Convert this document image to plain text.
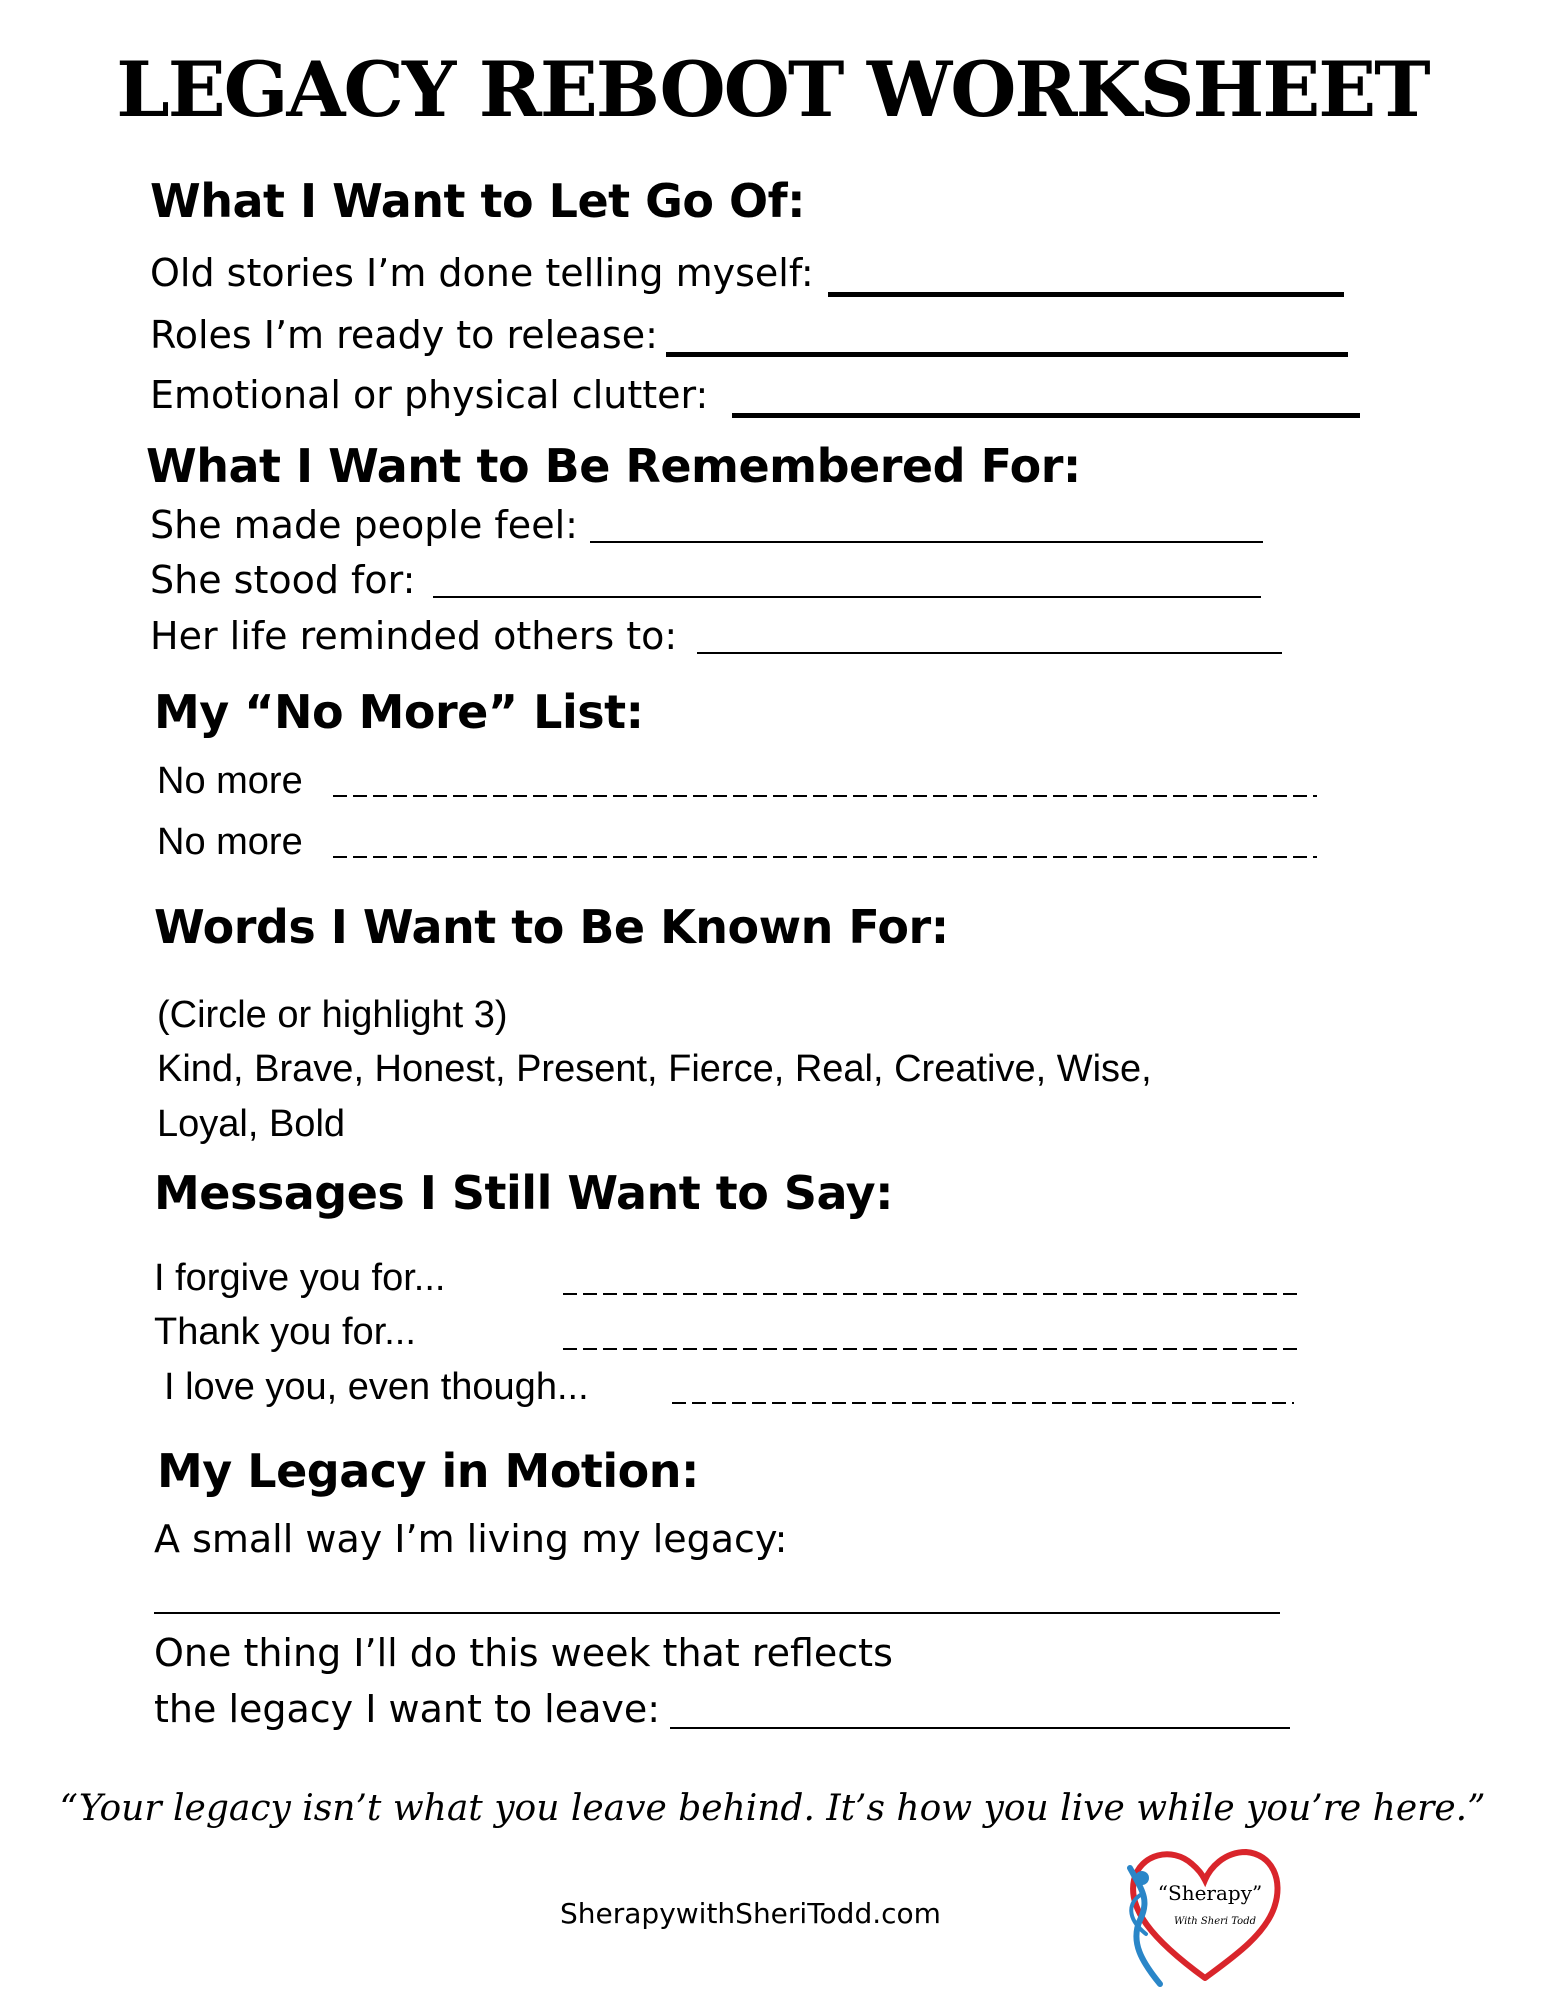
LEGACY REBOOT WORKSHEET
What I Want to Let Go Of:
Old stories I’m done telling myself:
Roles I’m ready to release:
Emotional or physical clutter:
What I Want to Be Remembered For:
She made people feel:
She stood for:
Her life reminded others to:
My “No More” List:
No more
No more
Words I Want to Be Known For:
(Circle or highlight 3)
Kind, Brave, Honest, Present, Fierce, Real, Creative, Wise,
Loyal, Bold
Messages I Still Want to Say:
I forgive you for...
Thank you for...
I love you, even though...
My Legacy in Motion:
A small way I’m living my legacy:
One thing I’ll do this week that reflects
the legacy I want to leave:
“Your legacy isn’t what you leave behind. It’s how you live while you’re here.”
SherapywithSheriTodd.com
“Sherapy”
With Sheri Todd
